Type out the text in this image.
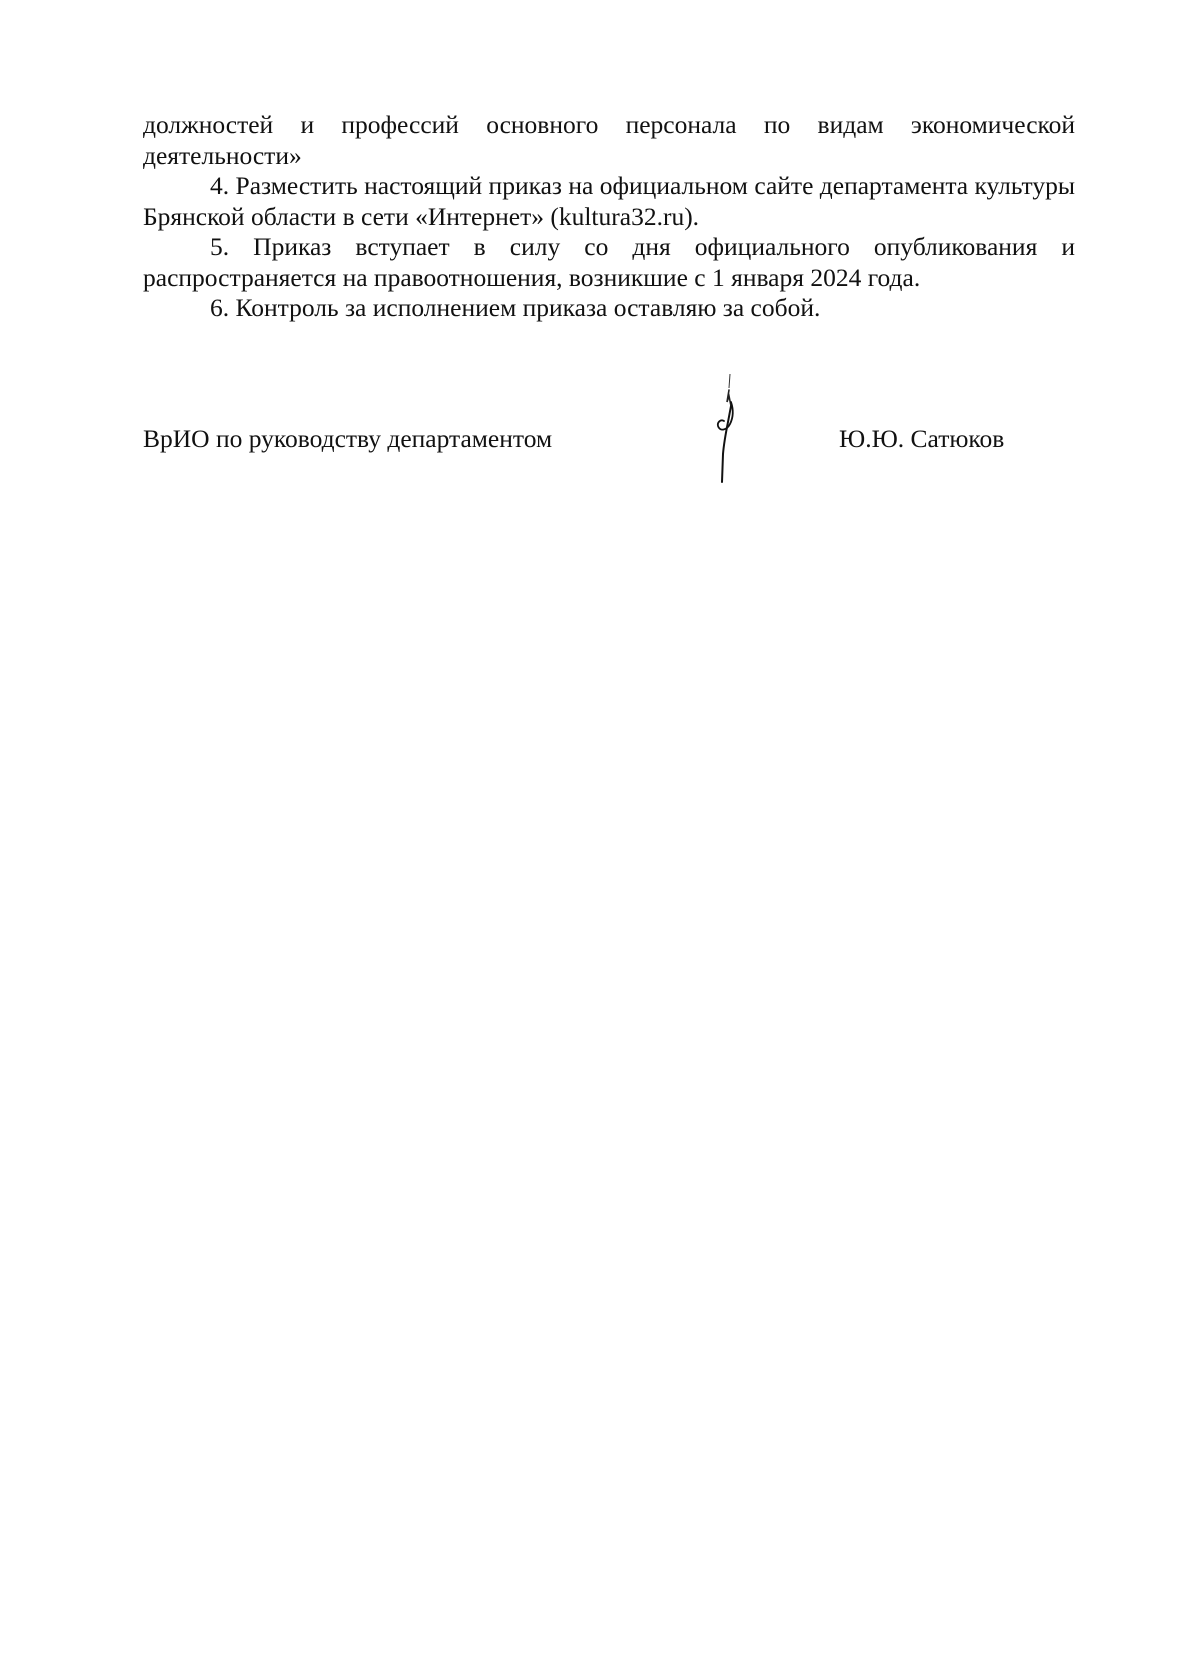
должностей и профессий основного персонала по видам экономической деятельности»

4. Разместить настоящий приказ на официальном сайте департамента культуры Брянской области в сети «Интернет» (kultura32.ru).

5. Приказ вступает в силу со дня официального опубликования и распространяется на правоотношения, возникшие с 1 января 2024 года.

6. Контроль за исполнением приказа оставляю за собой.

ВрИО по руководству департаментом	Ю.Ю. Сатюков
